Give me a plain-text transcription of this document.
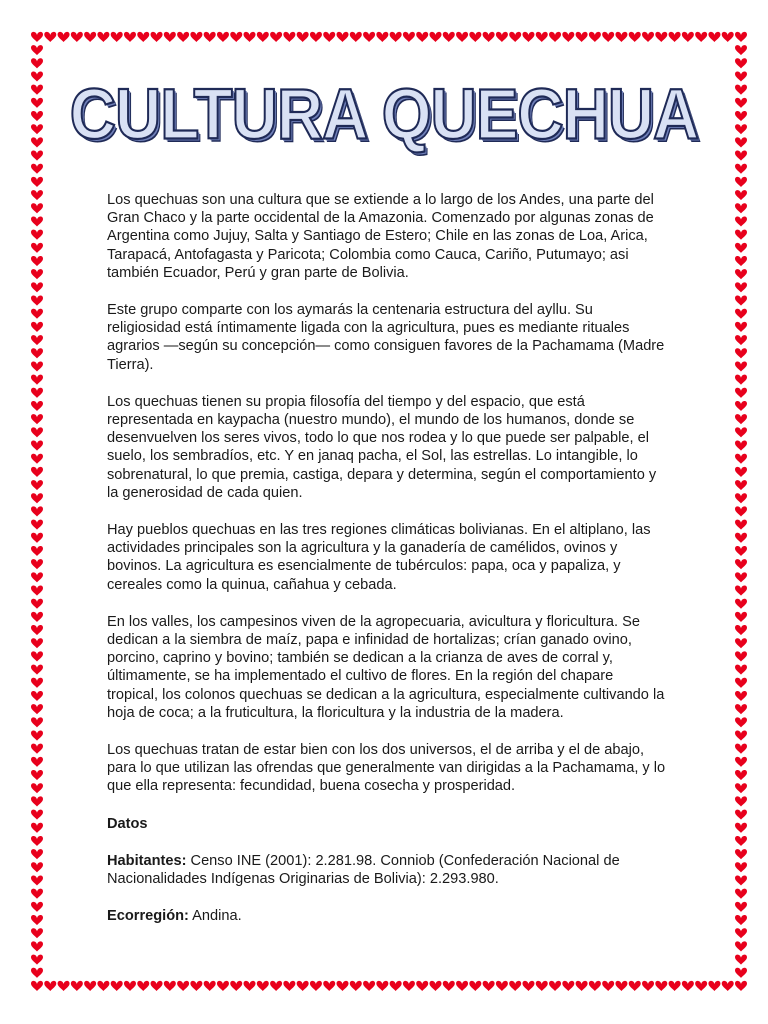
CULTURA QUECHUA

Los quechuas son una cultura que se extiende a lo largo de los Andes, una parte del Gran Chaco y la parte occidental de la Amazonia. Comenzado por algunas zonas de Argentina como Jujuy, Salta y Santiago de Estero; Chile en las zonas de Loa, Arica, Tarapacá, Antofagasta y Paricota; Colombia como Cauca, Cariño, Putumayo; asi también Ecuador, Perú y gran parte de Bolivia.

Este grupo comparte con los aymarás la centenaria estructura del ayllu. Su religiosidad está íntimamente ligada con la agricultura, pues es mediante rituales agrarios —según su concepción— como consiguen favores de la Pachamama (Madre Tierra).

Los quechuas tienen su propia filosofía del tiempo y del espacio, que está representada en kaypacha (nuestro mundo), el mundo de los humanos, donde se desenvuelven los seres vivos, todo lo que nos rodea y lo que puede ser palpable, el suelo, los sembradíos, etc. Y en janaq pacha, el Sol, las estrellas. Lo intangible, lo sobrenatural, lo que premia, castiga, depara y determina, según el comportamiento y la generosidad de cada quien.

Hay pueblos quechuas en las tres regiones climáticas bolivianas. En el altiplano, las actividades principales son la agricultura y la ganadería de camélidos, ovinos y bovinos. La agricultura es esencialmente de tubérculos: papa, oca y papaliza, y cereales como la quinua, cañahua y cebada.

En los valles, los campesinos viven de la agropecuaria, avicultura y floricultura. Se dedican a la siembra de maíz, papa e infinidad de hortalizas; crían ganado ovino, porcino, caprino y bovino; también se dedican a la crianza de aves de corral y, últimamente, se ha implementado el cultivo de flores. En la región del chapare tropical, los colonos quechuas se dedican a la agricultura, especialmente cultivando la hoja de coca; a la fruticultura, la floricultura y la industria de la madera.

Los quechuas tratan de estar bien con los dos universos, el de arriba y el de abajo, para lo que utilizan las ofrendas que generalmente van dirigidas a la Pachamama, y lo que ella representa: fecundidad, buena cosecha y prosperidad.

Datos

Habitantes: Censo INE (2001): 2.281.98. Conniob (Confederación Nacional de Nacionalidades Indígenas Originarias de Bolivia): 2.293.980.

Ecorregión: Andina.
